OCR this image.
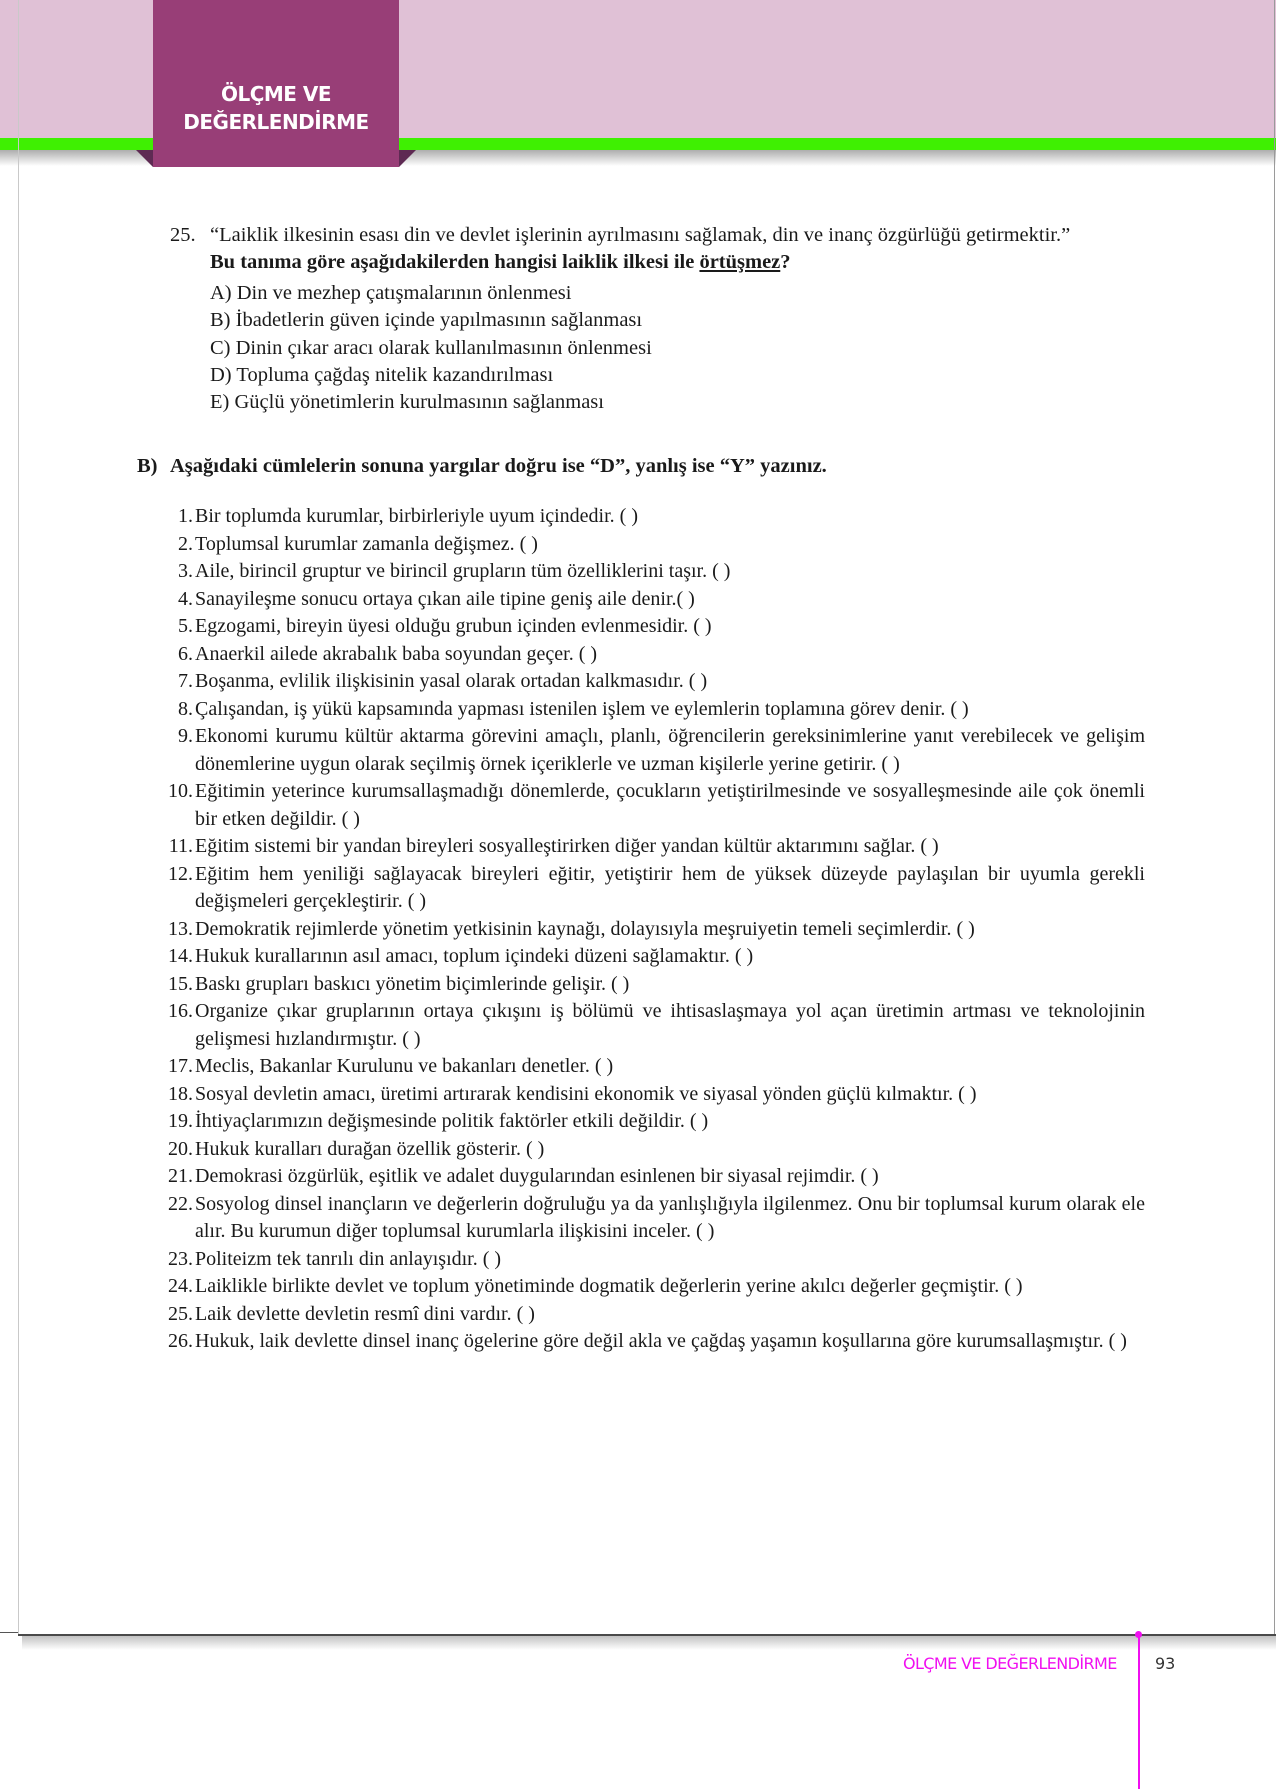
ÖLÇME VE
DEĞERLENDİRME
25. “Laiklik ilkesinin esası din ve devlet işlerinin ayrılmasını sağlamak, din ve inanç özgürlüğü getirmektir.”
Bu tanıma göre aşağıdakilerden hangisi laiklik ilkesi ile örtüşmez?
A) Din ve mezhep çatışmalarının önlenmesi
B) İbadetlerin güven içinde yapılmasının sağlanması
C) Dinin çıkar aracı olarak kullanılmasının önlenmesi
D) Topluma çağdaş nitelik kazandırılması
E) Güçlü yönetimlerin kurulmasının sağlanması
B) Aşağıdaki cümlelerin sonuna yargılar doğru ise “D”, yanlış ise “Y” yazınız.
1. Bir toplumda kurumlar, birbirleriyle uyum içindedir. ( )
2. Toplumsal kurumlar zamanla değişmez. ( )
3. Aile, birincil gruptur ve birincil grupların tüm özelliklerini taşır. ( )
4. Sanayileşme sonucu ortaya çıkan aile tipine geniş aile denir.( )
5. Egzogami, bireyin üyesi olduğu grubun içinden evlenmesidir. ( )
6. Anaerkil ailede akrabalık baba soyundan geçer. ( )
7. Boşanma, evlilik ilişkisinin yasal olarak ortadan kalkmasıdır. ( )
8. Çalışandan, iş yükü kapsamında yapması istenilen işlem ve eylemlerin toplamına görev denir. ( )
9. Ekonomi kurumu kültür aktarma görevini amaçlı, planlı, öğrencilerin gereksinimlerine yanıt verebilecek ve gelişim dönemlerine uygun olarak seçilmiş örnek içeriklerle ve uzman kişilerle yerine getirir. ( )
10. Eğitimin yeterince kurumsallaşmadığı dönemlerde, çocukların yetiştirilmesinde ve sosyalleşmesinde aile çok önemli bir etken değildir. ( )
11. Eğitim sistemi bir yandan bireyleri sosyalleştirirken diğer yandan kültür aktarımını sağlar. ( )
12. Eğitim hem yeniliği sağlayacak bireyleri eğitir, yetiştirir hem de yüksek düzeyde paylaşılan bir uyumla gerekli değişmeleri gerçekleştirir. ( )
13. Demokratik rejimlerde yönetim yetkisinin kaynağı, dolayısıyla meşruiyetin temeli seçimlerdir. ( )
14. Hukuk kurallarının asıl amacı, toplum içindeki düzeni sağlamaktır. ( )
15. Baskı grupları baskıcı yönetim biçimlerinde gelişir. ( )
16. Organize çıkar gruplarının ortaya çıkışını iş bölümü ve ihtisaslaşmaya yol açan üretimin artması ve teknolojinin gelişmesi hızlandırmıştır. ( )
17. Meclis, Bakanlar Kurulunu ve bakanları denetler. ( )
18. Sosyal devletin amacı, üretimi artırarak kendisini ekonomik ve siyasal yönden güçlü kılmaktır. ( )
19. İhtiyaçlarımızın değişmesinde politik faktörler etkili değildir. ( )
20. Hukuk kuralları durağan özellik gösterir. ( )
21. Demokrasi özgürlük, eşitlik ve adalet duygularından esinlenen bir siyasal rejimdir. ( )
22. Sosyolog dinsel inançların ve değerlerin doğruluğu ya da yanlışlığıyla ilgilenmez. Onu bir toplumsal kurum olarak ele alır. Bu kurumun diğer toplumsal kurumlarla ilişkisini inceler. ( )
23. Politeizm tek tanrılı din anlayışıdır. ( )
24. Laiklikle birlikte devlet ve toplum yönetiminde dogmatik değerlerin yerine akılcı değerler geçmiştir. ( )
25. Laik devlette devletin resmî dini vardır. ( )
26. Hukuk, laik devlette dinsel inanç ögelerine göre değil akla ve çağdaş yaşamın koşullarına göre kurumsallaşmıştır. ( )
ÖLÇME VE DEĞERLENDİRME 93
